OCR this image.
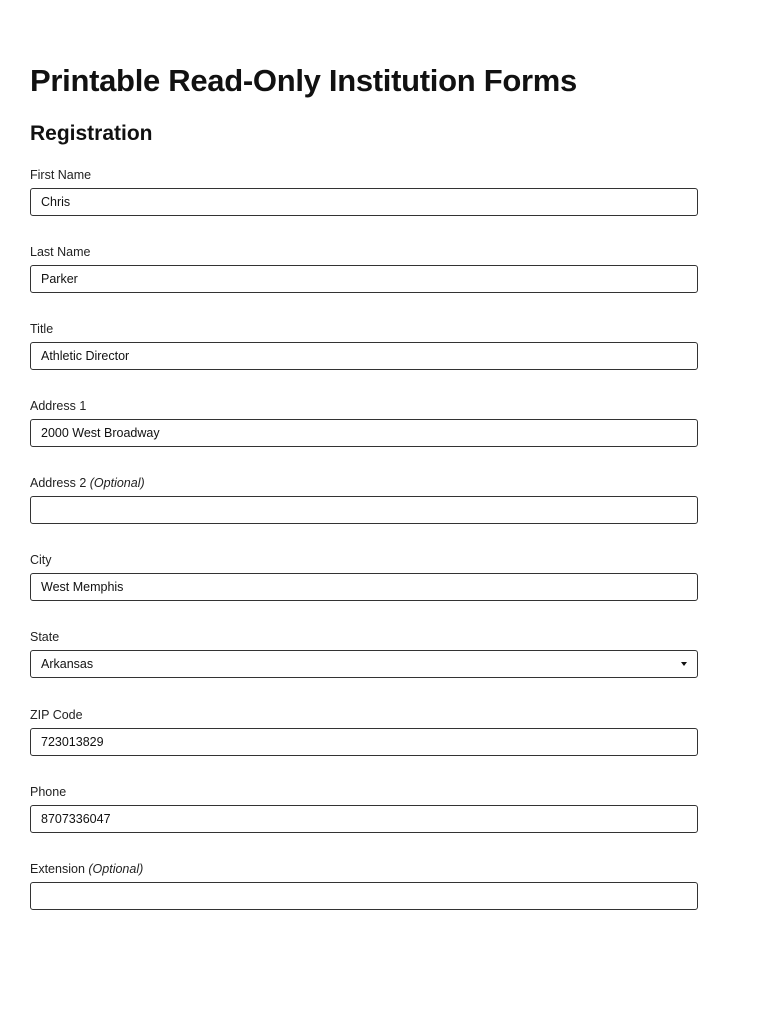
Printable Read-Only Institution Forms
Registration
First Name
Chris
Last Name
Parker
Title
Athletic Director
Address 1
2000 West Broadway
Address 2 (Optional)
City
West Memphis
State
Arkansas
ZIP Code
723013829
Phone
8707336047
Extension (Optional)
